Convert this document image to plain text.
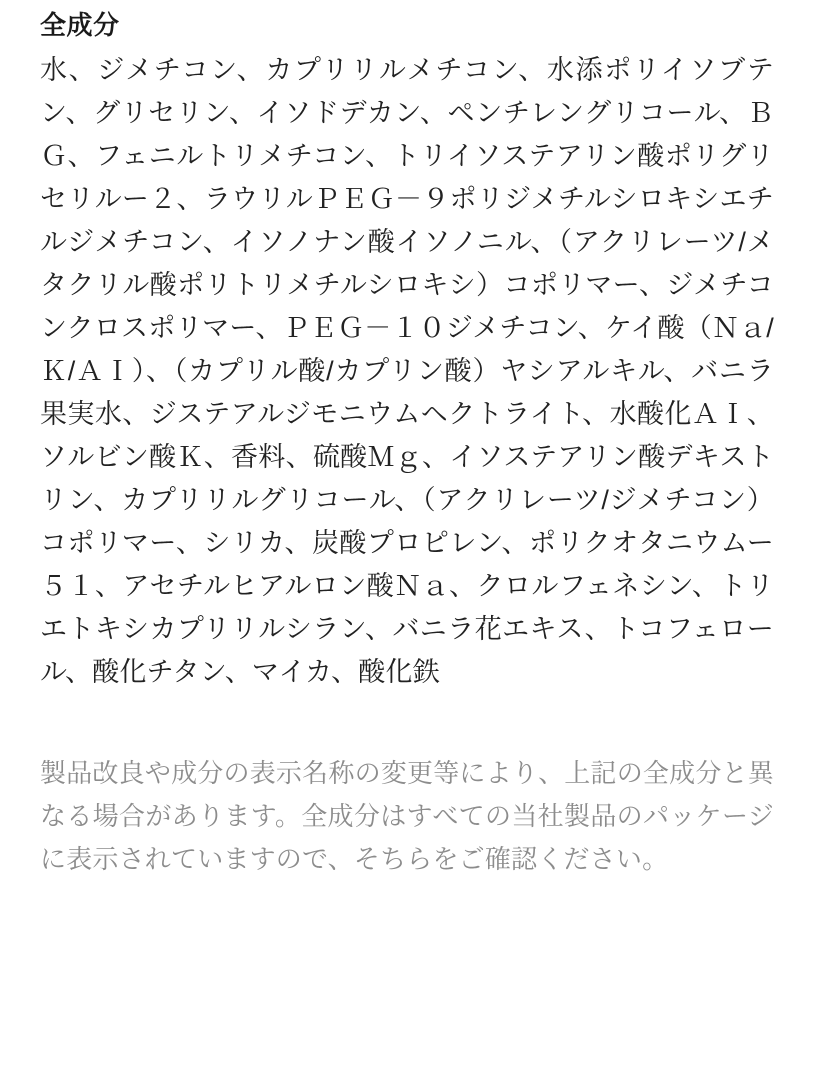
全成分

水、ジメチコン、カプリリルメチコン、水添ポリイソブテン、グリセリン、イソドデカン、ペンチレングリコール、ＢＧ、フェニルトリメチコン、トリイソステアリン酸ポリグリセリルー２、ラウリルＰＥＧ－９ポリジメチルシロキシエチルジメチコン、イソノナン酸イソノニル、（アクリレーツ/メタクリル酸ポリトリメチルシロキシ）コポリマー、ジメチコンクロスポリマー、ＰＥＧ－１０ジメチコン、ケイ酸（Ｎａ/Ｋ/ＡＩ）、（カプリル酸/カプリン酸）ヤシアルキル、バニラ果実水、ジステアルジモニウムヘクトライト、水酸化ＡＩ、ソルビン酸Ｋ、香料、硫酸Ｍｇ、イソステアリン酸デキストリン、カプリリルグリコール、（アクリレーツ/ジメチコン）コポリマー、シリカ、炭酸プロピレン、ポリクオタニウムー５１、アセチルヒアルロン酸Ｎａ、クロルフェネシン、トリエトキシカプリリルシラン、バニラ花エキス、トコフェロール、酸化チタン、マイカ、酸化鉄

製品改良や成分の表示名称の変更等により、上記の全成分と異なる場合があります。全成分はすべての当社製品のパッケージに表示されていますので、そちらをご確認ください。
